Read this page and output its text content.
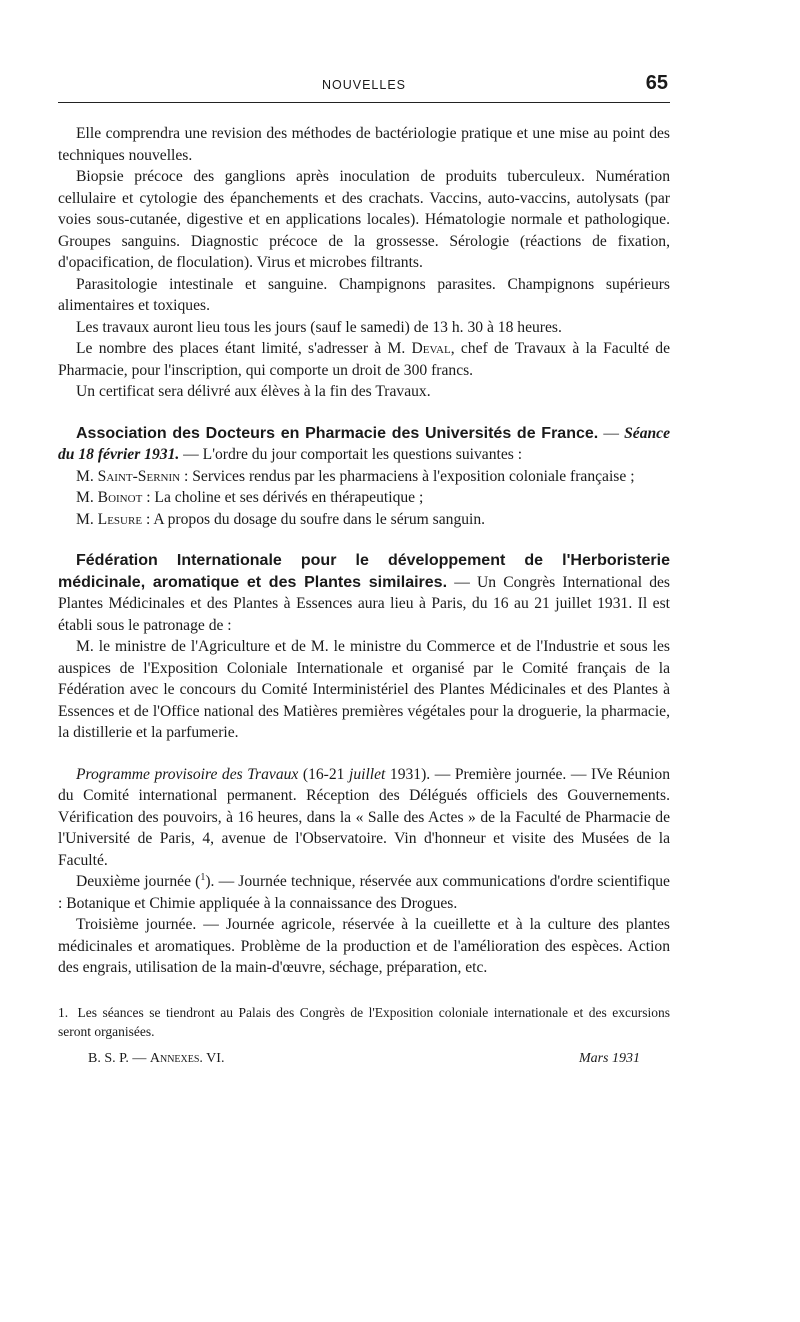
NOUVELLES	65

Elle comprendra une revision des méthodes de bactériologie pratique et une mise au point des techniques nouvelles.

Biopsie précoce des ganglions après inoculation de produits tuberculeux. Numération cellulaire et cytologie des épanchements et des crachats. Vaccins, auto-vaccins, autolysats (par voies sous-cutanée, digestive et en applications locales). Hématologie normale et pathologique. Groupes sanguins. Diagnostic précoce de la grossesse. Sérologie (réactions de fixation, d'opacification, de floculation). Virus et microbes filtrants.

Parasitologie intestinale et sanguine. Champignons parasites. Champignons supérieurs alimentaires et toxiques.

Les travaux auront lieu tous les jours (sauf le samedi) de 13 h. 30 à 18 heures.

Le nombre des places étant limité, s'adresser à M. Deval, chef de Travaux à la Faculté de Pharmacie, pour l'inscription, qui comporte un droit de 300 francs.

Un certificat sera délivré aux élèves à la fin des Travaux.

Association des Docteurs en Pharmacie des Universités de France. — Séance du 18 février 1931. — L'ordre du jour comportait les questions suivantes :

M. Saint-Sernin : Services rendus par les pharmaciens à l'exposition coloniale française ;

M. Boinot : La choline et ses dérivés en thérapeutique ;

M. Lesure : A propos du dosage du soufre dans le sérum sanguin.

Fédération Internationale pour le développement de l'Herboristerie médicinale, aromatique et des Plantes similaires. — Un Congrès International des Plantes Médicinales et des Plantes à Essences aura lieu à Paris, du 16 au 21 juillet 1931. Il est établi sous le patronage de :

M. le ministre de l'Agriculture et de M. le ministre du Commerce et de l'Industrie et sous les auspices de l'Exposition Coloniale Internationale et organisé par le Comité français de la Fédération avec le concours du Comité Interministériel des Plantes Médicinales et des Plantes à Essences et de l'Office national des Matières premières végétales pour la droguerie, la pharmacie, la distillerie et la parfumerie.

Programme provisoire des Travaux (16-21 juillet 1931). — Première journée. — IVe Réunion du Comité international permanent. Réception des Délégués officiels des Gouvernements. Vérification des pouvoirs, à 16 heures, dans la « Salle des Actes » de la Faculté de Pharmacie de l'Université de Paris, 4, avenue de l'Observatoire. Vin d'honneur et visite des Musées de la Faculté.

Deuxième journée ($^1$). — Journée technique, réservée aux communications d'ordre scientifique : Botanique et Chimie appliquée à la connaissance des Drogues.

Troisième journée. — Journée agricole, réservée à la cueillette et à la culture des plantes médicinales et aromatiques. Problème de la production et de l'amélioration des espèces. Action des engrais, utilisation de la main-d'œuvre, séchage, préparation, etc.

1. Les séances se tiendront au Palais des Congrès de l'Exposition coloniale internationale et des excursions seront organisées.
B. S. P. — Annexes. VI.	Mars 1931
